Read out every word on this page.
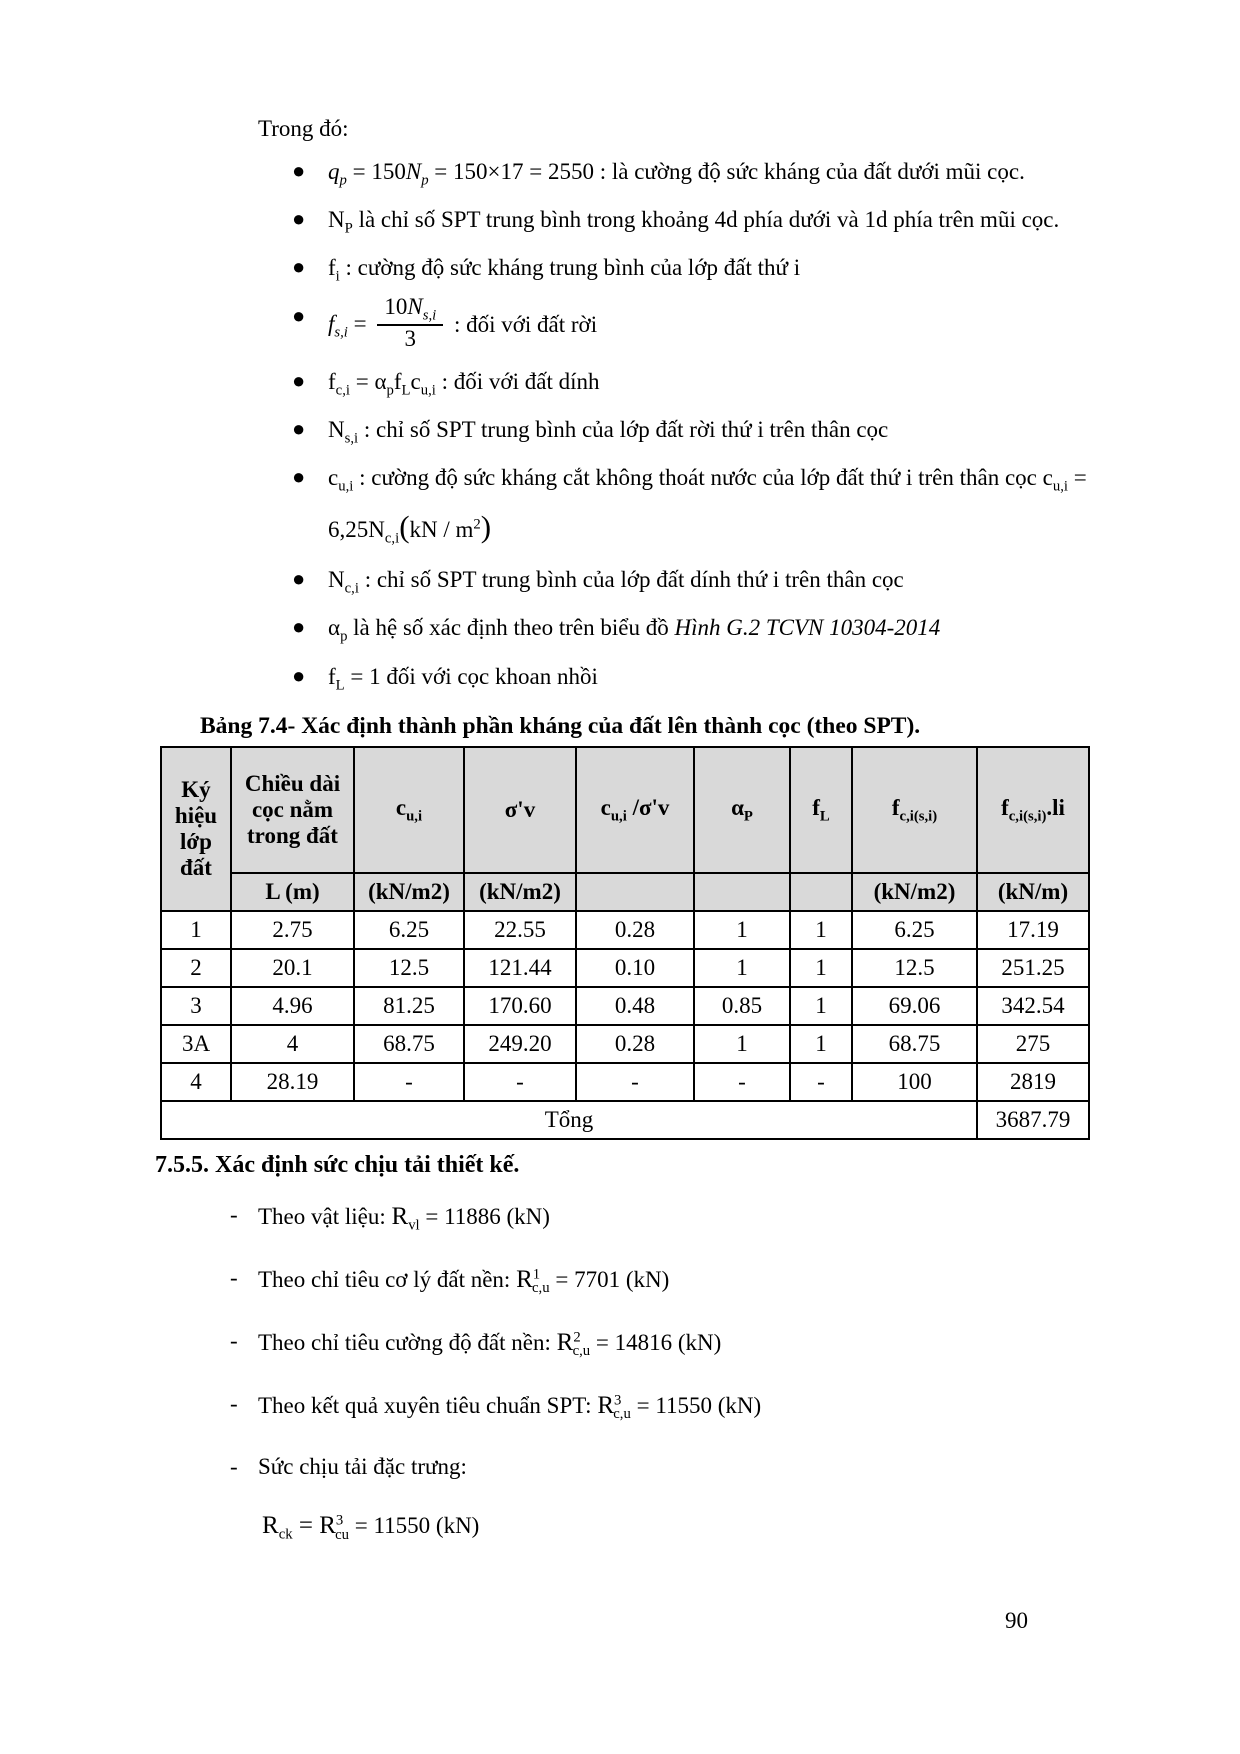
Trong đó:
● $q_p = 150N_p = 150\times 17 = 2550$ : là cường độ sức kháng của đất dưới mũi cọc.
● $N_P$ là chỉ số SPT trung bình trong khoảng 4d phía dưới và 1d phía trên mũi cọc.
● $f_i$ : cường độ sức kháng trung bình của lớp đất thứ i
● $f_{s,i} = \frac{10N_{s,i}}{3}$ : đối với đất rời
● $f_{c,i} = \alpha_pf_Lc_{u,i}$ : đối với đất dính
● $N_{s,i}$ : chỉ số SPT trung bình của lớp đất rời thứ i trên thân cọc
● $c_{u,i}$ : cường độ sức kháng cắt không thoát nước của lớp đất thứ i trên thân cọc $c_{u,i} = 6,25N_{c,i}(kN / m^2)$
● $N_{c,i}$ : chỉ số SPT trung bình của lớp đất dính thứ i trên thân cọc
● $\alpha_p$ là hệ số xác định theo trên biểu đồ Hình G.2 TCVN 10304-2014
● $f_L = 1$ đối với cọc khoan nhồi
Bảng 7.4- Xác định thành phần kháng của đất lên thành cọc (theo SPT).
Ký hiệu lớp đất	Chiều dài cọc nằm trong đất	$c_{u,i}$	σ'v	$c_{u,i}$ /σ'v	$\alpha_P$	$f_L$	$f_{c,i(s,i)}$	$f_{c,i(s,i)}.li$
	L (m)	(kN/m2)	(kN/m2)				(kN/m2)	(kN/m)
1	2.75	6.25	22.55	0.28	1	1	6.25	17.19
2	20.1	12.5	121.44	0.10	1	1	12.5	251.25
3	4.96	81.25	170.60	0.48	0.85	1	69.06	342.54
3A	4	68.75	249.20	0.28	1	1	68.75	275
4	28.19	-	-	-	-	-	100	2819
Tổng								3687.79
7.5.5. Xác định sức chịu tải thiết kế.
- Theo vật liệu: $R_{vl} = 11886$ (kN)
- Theo chỉ tiêu cơ lý đất nền: $R^1_{c,u} = 7701$ (kN)
- Theo chỉ tiêu cường độ đất nền: $R^2_{c,u} = 14816$ (kN)
- Theo kết quả xuyên tiêu chuẩn SPT: $R^3_{c,u} = 11550$ (kN)
- Sức chịu tải đặc trưng:
$R_{ck} = R^3_{cu} = 11550$ (kN)
90
